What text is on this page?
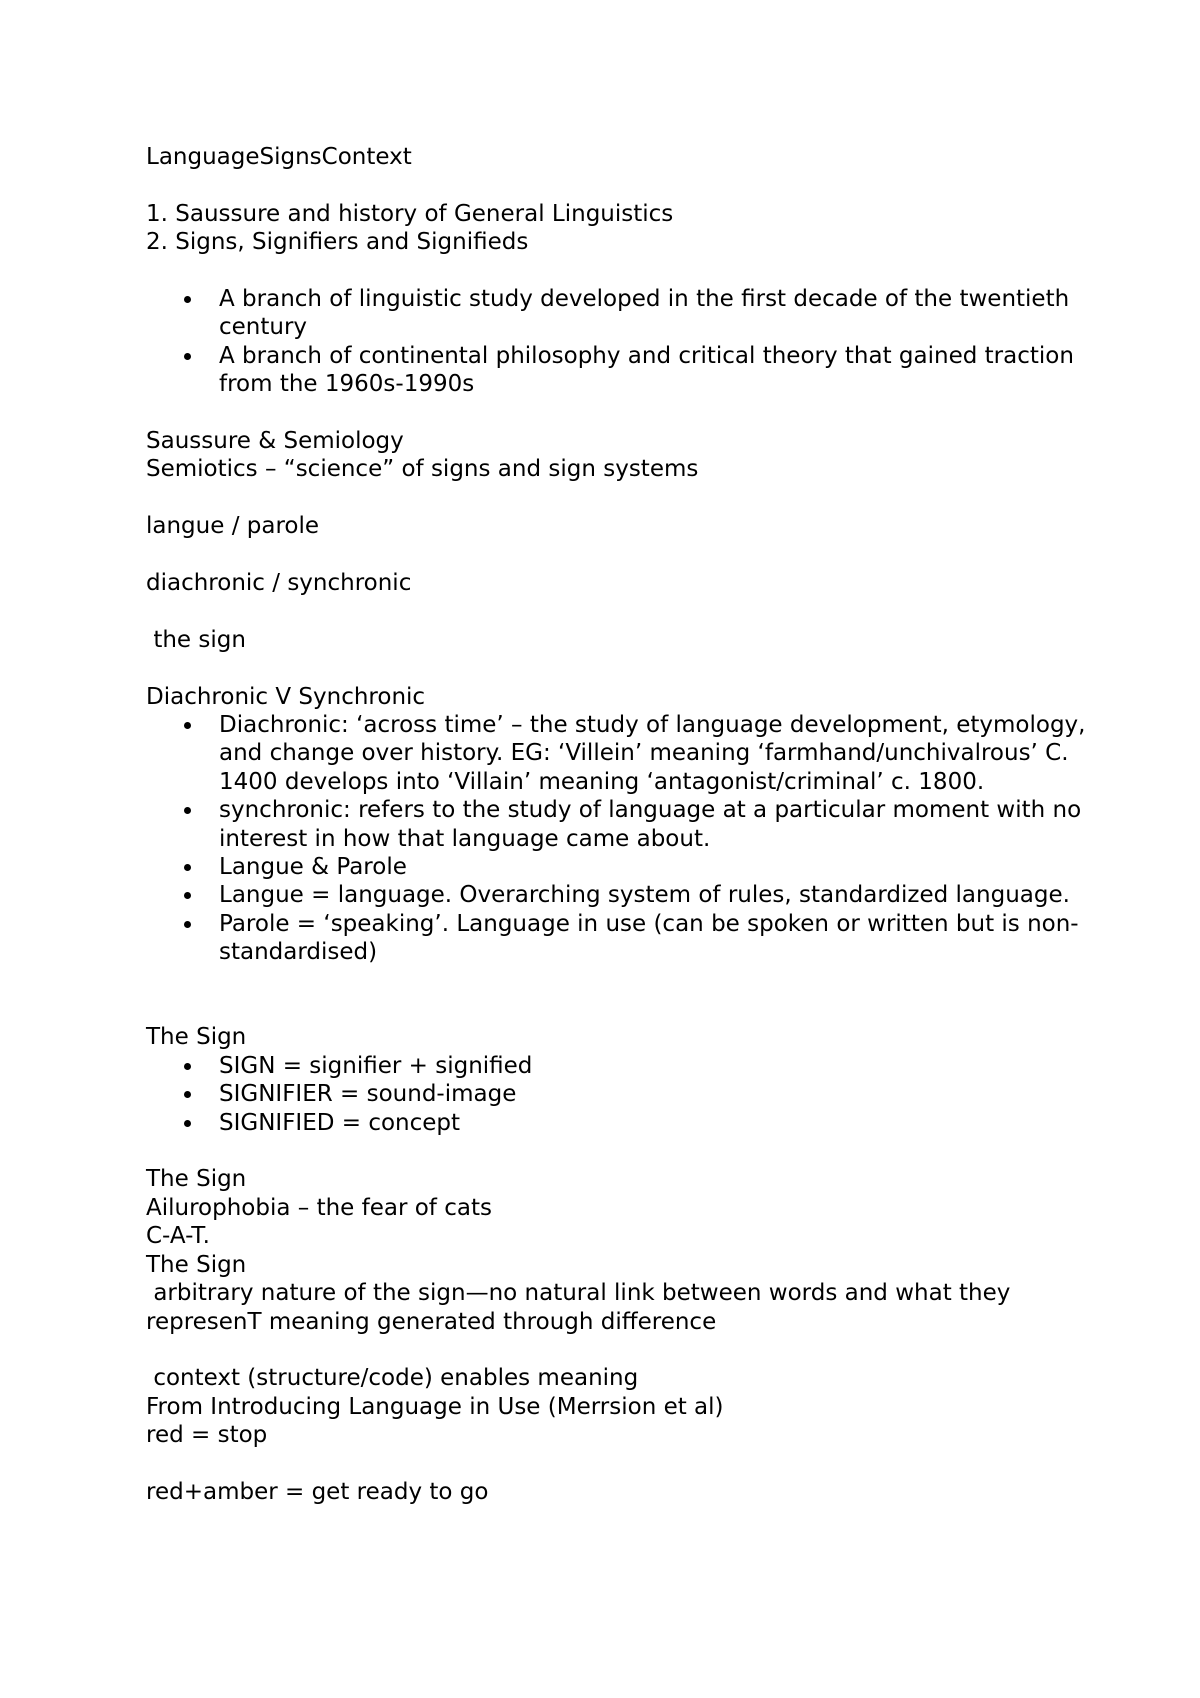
LanguageSignsContext

1. Saussure and history of General Linguistics

2. Signs, Signifiers and Signifieds

A branch of linguistic study developed in the first decade of the twentieth century
A branch of continental philosophy and critical theory that gained traction from the 1960s-1990s

Saussure & Semiology

Semiotics – “science” of signs and sign systems

langue / parole

diachronic / synchronic

the sign

Diachronic V Synchronic

Diachronic: ‘across time’ – the study of language development, etymology, and change over history. EG: ‘Villein’ meaning ‘farmhand/unchivalrous’ C. 1400 develops into ‘Villain’ meaning ‘antagonist/criminal’ c. 1800.
synchronic: refers to the study of language at a particular moment with no interest in how that language came about.
Langue & Parole
Langue = language. Overarching system of rules, standardized language.
Parole = ‘speaking’. Language in use (can be spoken or written but is non-standardised)

The Sign

SIGN = signifier + signified
SIGNIFIER = sound-image
SIGNIFIED = concept

The Sign

Ailurophobia – the fear of cats

C-A-T.

The Sign

arbitrary nature of the sign—no natural link between words and what they represenT meaning generated through difference

context (structure/code) enables meaning

From Introducing Language in Use (Merrsion et al)

red = stop

red+amber = get ready to go
